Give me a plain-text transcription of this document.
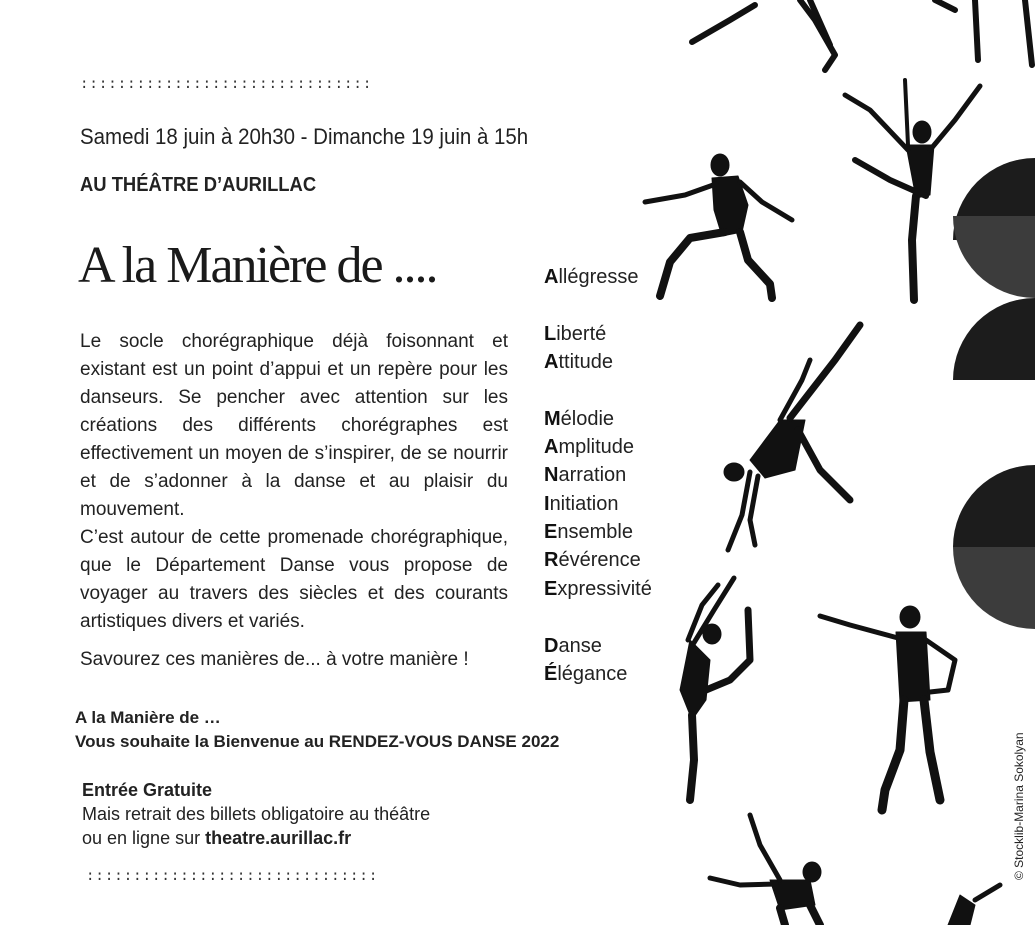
:::::::::::::::::::::::::::::::
:::::::::::::::::::::::::::::::
Samedi 18 juin à 20h30 - Dimanche 19 juin à 15h
AU THÉÂTRE D’AURILLAC
A la Manière de ....

Le socle chorégraphique déjà foisonnant et existant est un point d’appui et un repère pour les danseurs. Se pencher avec attention sur les créations des différents chorégraphes est effectivement un moyen de s’inspirer, de se nourrir et de s’adonner à la danse et au plaisir du mouvement.

C’est autour de cette promenade chorégraphique, que le Département Danse vous propose de voyager au travers des siècles et des courants artistiques divers et variés.

Savourez ces manières de... à votre manière !

Allégresse
Liberté
Attitude
Mélodie
Amplitude
Narration
Initiation
Ensemble
Révérence
Expressivité
Danse
Élégance
A la Manière de …
Vous souhaite la Bienvenue au RENDEZ-VOUS DANSE 2022
Entrée Gratuite
Mais retrait des billets obligatoire au théâtre
ou en ligne sur theatre.aurillac.fr	© Stocklib-Marina Sokolyan
